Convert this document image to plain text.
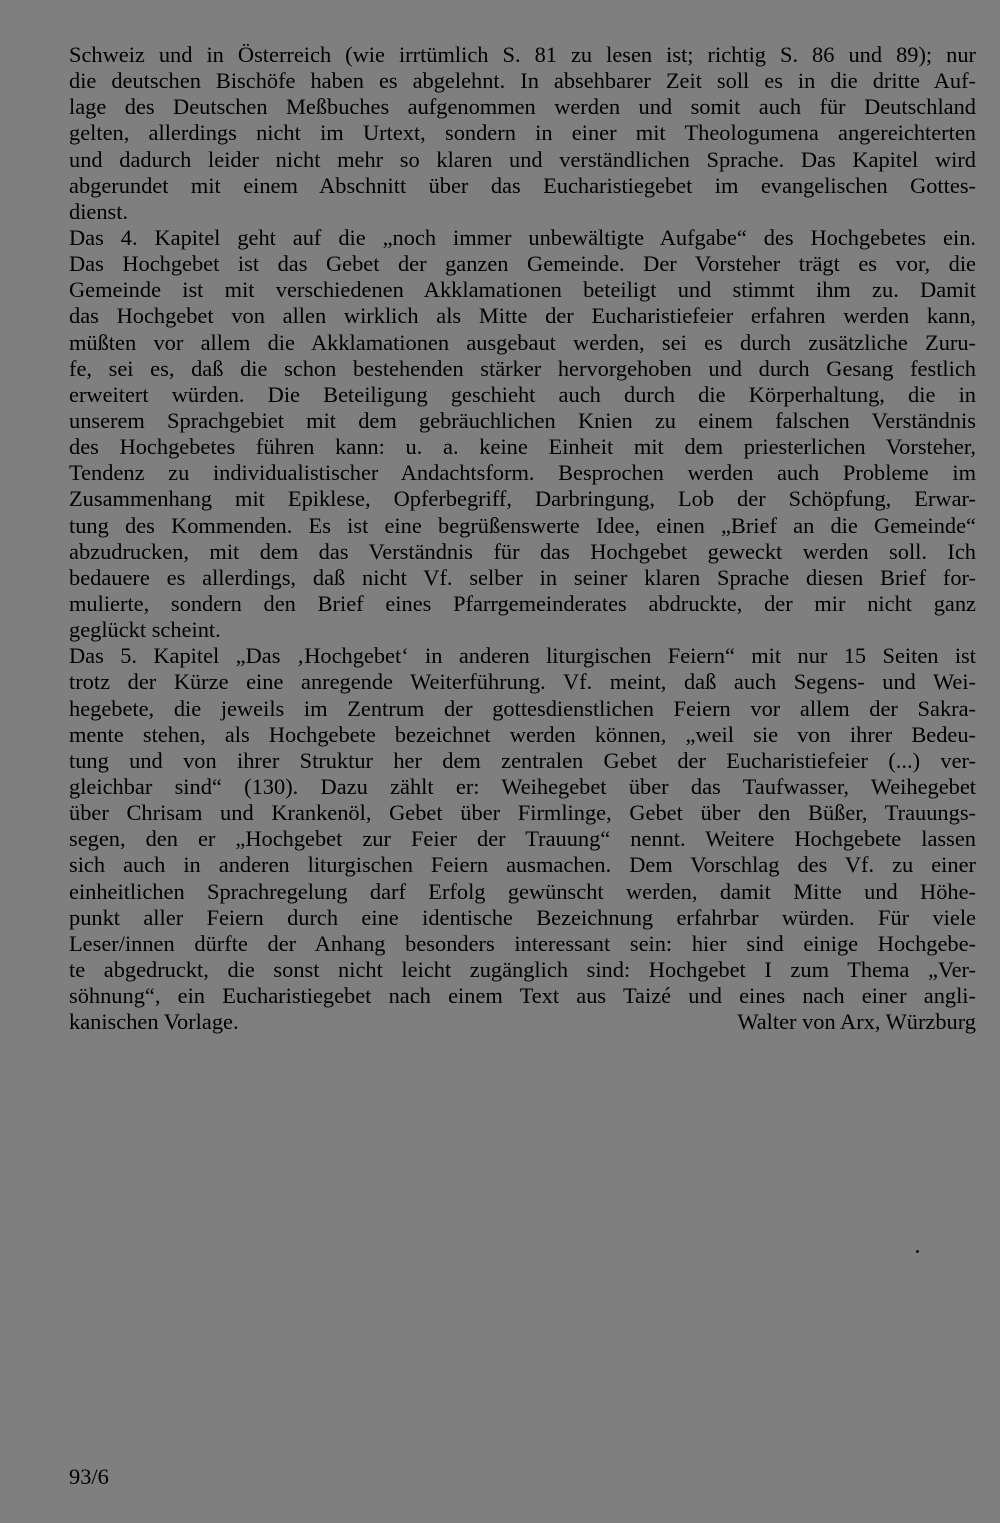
Schweiz und in Österreich (wie irrtümlich S. 81 zu lesen ist; richtig S. 86 und 89); nur
die deutschen Bischöfe haben es abgelehnt. In absehbarer Zeit soll es in die dritte Auf-
lage des Deutschen Meßbuches aufgenommen werden und somit auch für Deutschland
gelten, allerdings nicht im Urtext, sondern in einer mit Theologumena angereichterten
und dadurch leider nicht mehr so klaren und verständlichen Sprache. Das Kapitel wird
abgerundet mit einem Abschnitt über das Eucharistiegebet im evangelischen Gottes-
dienst.
Das 4. Kapitel geht auf die „noch immer unbewältigte Aufgabe“ des Hochgebetes ein.
Das Hochgebet ist das Gebet der ganzen Gemeinde. Der Vorsteher trägt es vor, die
Gemeinde ist mit verschiedenen Akklamationen beteiligt und stimmt ihm zu. Damit
das Hochgebet von allen wirklich als Mitte der Eucharistiefeier erfahren werden kann,
müßten vor allem die Akklamationen ausgebaut werden, sei es durch zusätzliche Zuru-
fe, sei es, daß die schon bestehenden stärker hervorgehoben und durch Gesang festlich
erweitert würden. Die Beteiligung geschieht auch durch die Körperhaltung, die in
unserem Sprachgebiet mit dem gebräuchlichen Knien zu einem falschen Verständnis
des Hochgebetes führen kann: u. a. keine Einheit mit dem priesterlichen Vorsteher,
Tendenz zu individualistischer Andachtsform. Besprochen werden auch Probleme im
Zusammenhang mit Epiklese, Opferbegriff, Darbringung, Lob der Schöpfung, Erwar-
tung des Kommenden. Es ist eine begrüßenswerte Idee, einen „Brief an die Gemeinde“
abzudrucken, mit dem das Verständnis für das Hochgebet geweckt werden soll. Ich
bedauere es allerdings, daß nicht Vf. selber in seiner klaren Sprache diesen Brief for-
mulierte, sondern den Brief eines Pfarrgemeinderates abdruckte, der mir nicht ganz
geglückt scheint.
Das 5. Kapitel „Das ‚Hochgebet‘ in anderen liturgischen Feiern“ mit nur 15 Seiten ist
trotz der Kürze eine anregende Weiterführung. Vf. meint, daß auch Segens- und Wei-
hegebete, die jeweils im Zentrum der gottesdienstlichen Feiern vor allem der Sakra-
mente stehen, als Hochgebete bezeichnet werden können, „weil sie von ihrer Bedeu-
tung und von ihrer Struktur her dem zentralen Gebet der Eucharistiefeier (...) ver-
gleichbar sind“ (130). Dazu zählt er: Weihegebet über das Taufwasser, Weihegebet
über Chrisam und Krankenöl, Gebet über Firmlinge, Gebet über den Büßer, Trauungs-
segen, den er „Hochgebet zur Feier der Trauung“ nennt. Weitere Hochgebete lassen
sich auch in anderen liturgischen Feiern ausmachen. Dem Vorschlag des Vf. zu einer
einheitlichen Sprachregelung darf Erfolg gewünscht werden, damit Mitte und Höhe-
punkt aller Feiern durch eine identische Bezeichnung erfahrbar würden. Für viele
Leser/innen dürfte der Anhang besonders interessant sein: hier sind einige Hochgebe-
te abgedruckt, die sonst nicht leicht zugänglich sind: Hochgebet I zum Thema „Ver-
söhnung“, ein Eucharistiegebet nach einem Text aus Taizé und eines nach einer angli-
kanischen Vorlage.	Walter von Arx, Würzburg
93/6
